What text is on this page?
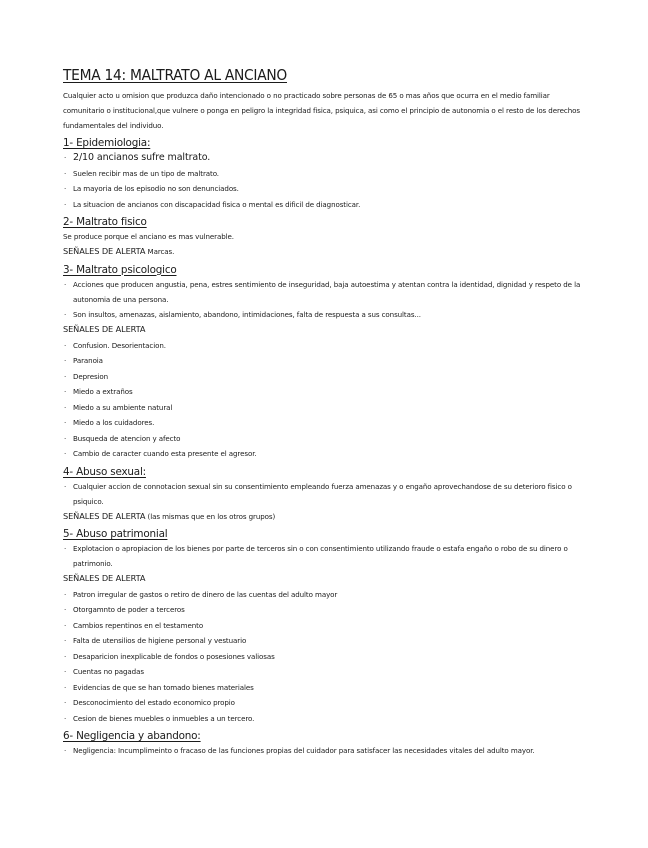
TEMA 14: MALTRATO AL ANCIANO

Cualquier acto u omision que produzca daño intencionado o no practicado sobre personas de 65 o mas años que ocurra en el medio familiar comunitario o institucional,que vulnere o ponga en peligro la integridad fisica, psiquica, asi como el principio de autonomia o el resto de los derechos fundamentales del individuo.

1- Epidemiologia:
· 2/10 ancianos sufre maltrato.
· Suelen recibir mas de un tipo de maltrato.
· La mayoria de los episodio no son denunciados.
· La situacion de ancianos con discapacidad fisica o mental es dificil de diagnosticar.
2- Maltrato fisico

Se produce porque el anciano es mas vulnerable.

SEÑALES DE ALERTA Marcas.

3- Maltrato psicologico
· Acciones que producen angustia, pena, estres sentimiento de inseguridad, baja autoestima y atentan contra la identidad, dignidad y respeto de la autonomia de una persona.
· Son insultos, amenazas, aislamiento, abandono, intimidaciones, falta de respuesta a sus consultas...

SEÑALES DE ALERTA

· Confusion. Desorientacion.
· Paranoia
· Depresion
· Miedo a extraños
· Miedo a su ambiente natural
· Miedo a los cuidadores.
· Busqueda de atencion y afecto
· Cambio de caracter cuando esta presente el agresor.
4- Abuso sexual:
· Cualquier accion de connotacion sexual sin su consentimiento empleando fuerza amenazas y o engaño aprovechandose de su deterioro fisico o psiquico.

SEÑALES DE ALERTA (las mismas que en los otros grupos)

5- Abuso patrimonial
· Explotacion o apropiacion de los bienes por parte de terceros sin o con consentimiento utilizando fraude o estafa engaño o robo de su dinero o patrimonio.

SEÑALES DE ALERTA

· Patron irregular de gastos o retiro de dinero de las cuentas del adulto mayor
· Otorgamnto de poder a terceros
· Cambios repentinos en el testamento
· Falta de utensilios de higiene personal y vestuario
· Desaparicion inexplicable de fondos o posesiones valiosas
· Cuentas no pagadas
· Evidencias de que se han tomado bienes materiales
· Desconocimiento del estado economico propio
· Cesion de bienes muebles o inmuebles a un tercero.
6- Negligencia y abandono:
· Negligencia: Incumplimeinto o fracaso de las funciones propias del cuidador para satisfacer las necesidades vitales del adulto mayor.
